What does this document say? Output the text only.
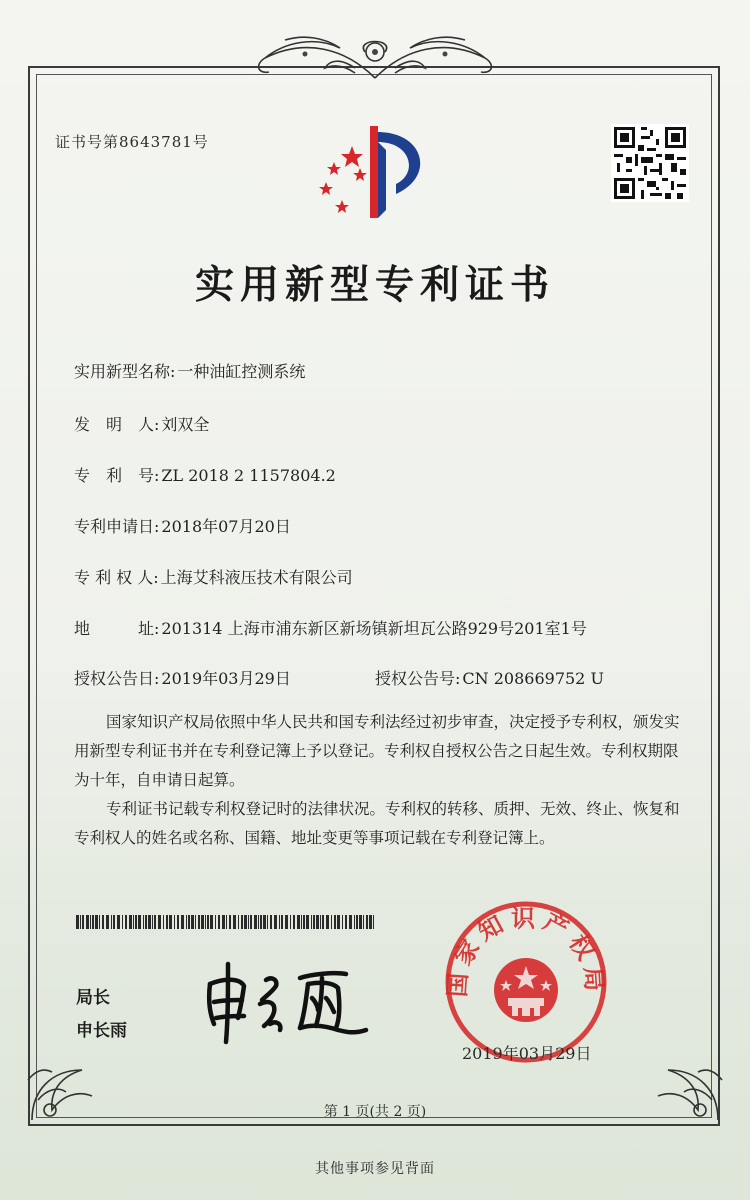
证书号第8643781号
实用新型专利证书
实用新型名称: 一种油缸控测系统
发　明　人: 刘双全
专　利　号: ZL 2018 2 1157804.2
专利申请日: 2018年07月20日
专 利 权 人: 上海艾科液压技术有限公司
地　　　址: 201314 上海市浦东新区新场镇新坦瓦公路929号201室1号
授权公告日: 2019年03月29日	授权公告号: CN 208669752 U

国家知识产权局依照中华人民共和国专利法经过初步审查，决定授予专利权，颁发实用新型专利证书并在专利登记簿上予以登记。专利权自授权公告之日起生效。专利权期限为十年，自申请日起算。

专利证书记载专利权登记时的法律状况。专利权的转移、质押、无效、终止、恢复和专利权人的姓名或名称、国籍、地址变更等事项记载在专利登记簿上。

局长
申长雨
国家知识产权局
2019年03月29日
第 1 页(共 2 页)
其他事项参见背面
